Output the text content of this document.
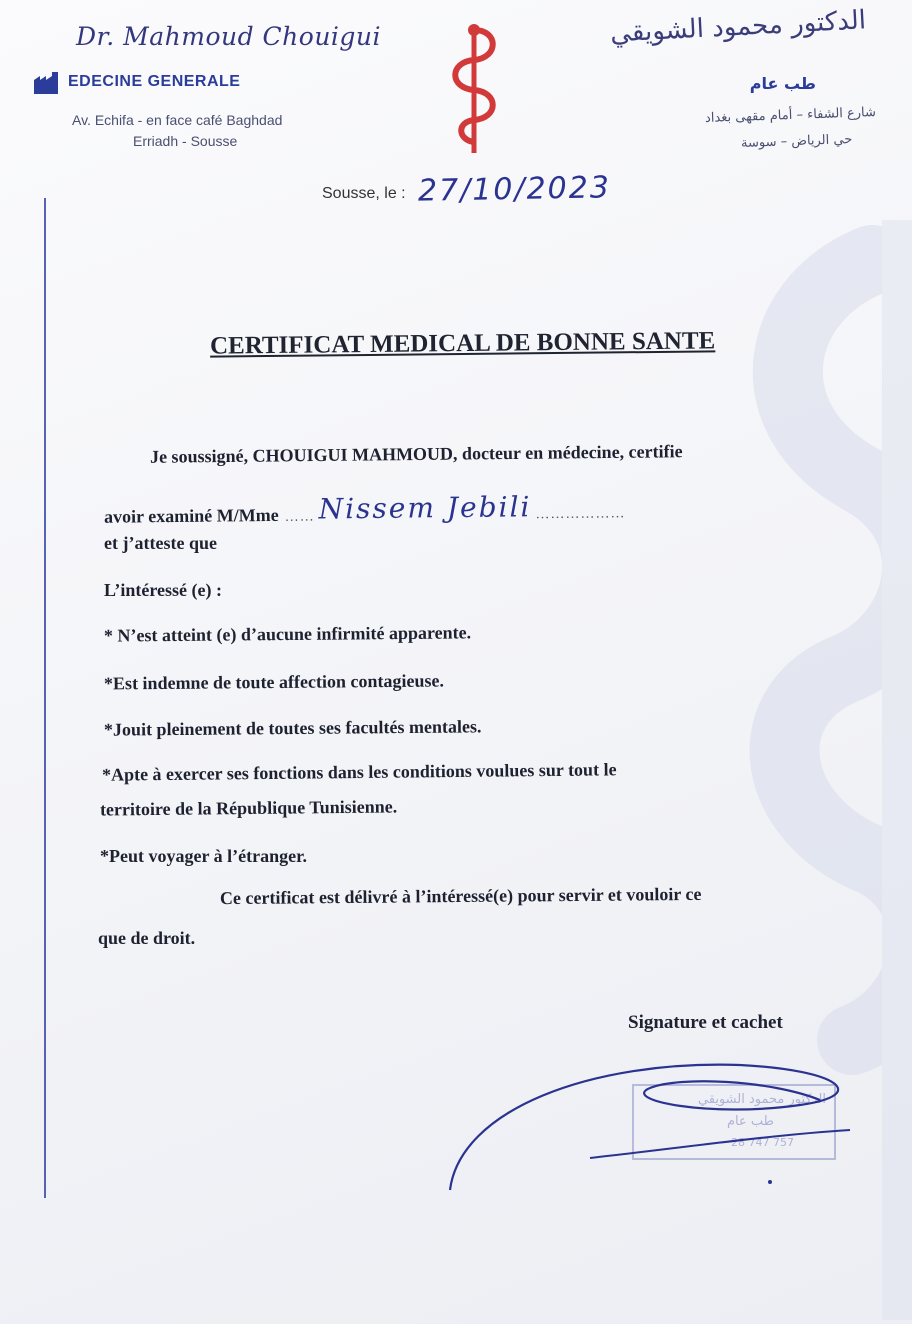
Dr. Mahmoud Chouigui
EDECINE GENERALE
Av. Echifa - en face café Baghdad
Erriadh - Sousse
الدكتور محمود الشويقي
طب عام
شارع الشفاء – أمام مقهى بغداد
حي الرياض – سوسة
Sousse, le : 27/10/2023
CERTIFICAT MEDICAL DE BONNE SANTE
Je soussigné, CHOUIGUI MAHMOUD, docteur en médecine, certifie
avoir examiné M/Mme …… Nissem Jebili ………………
et j’atteste que
L’intéressé (e) :
* N’est atteint (e) d’aucune infirmité apparente.
*Est indemne de toute affection contagieuse.
*Jouit pleinement de toutes ses facultés mentales.
*Apte à exercer ses fonctions dans les conditions voulues sur tout le
territoire de la République Tunisienne.
*Peut voyager à l’étranger.
Ce certificat est délivré à l’intéressé(e) pour servir et vouloir ce
que de droit.
Signature et cachet
الدكتور محمود الشويقي
طب عام
28 747 757
